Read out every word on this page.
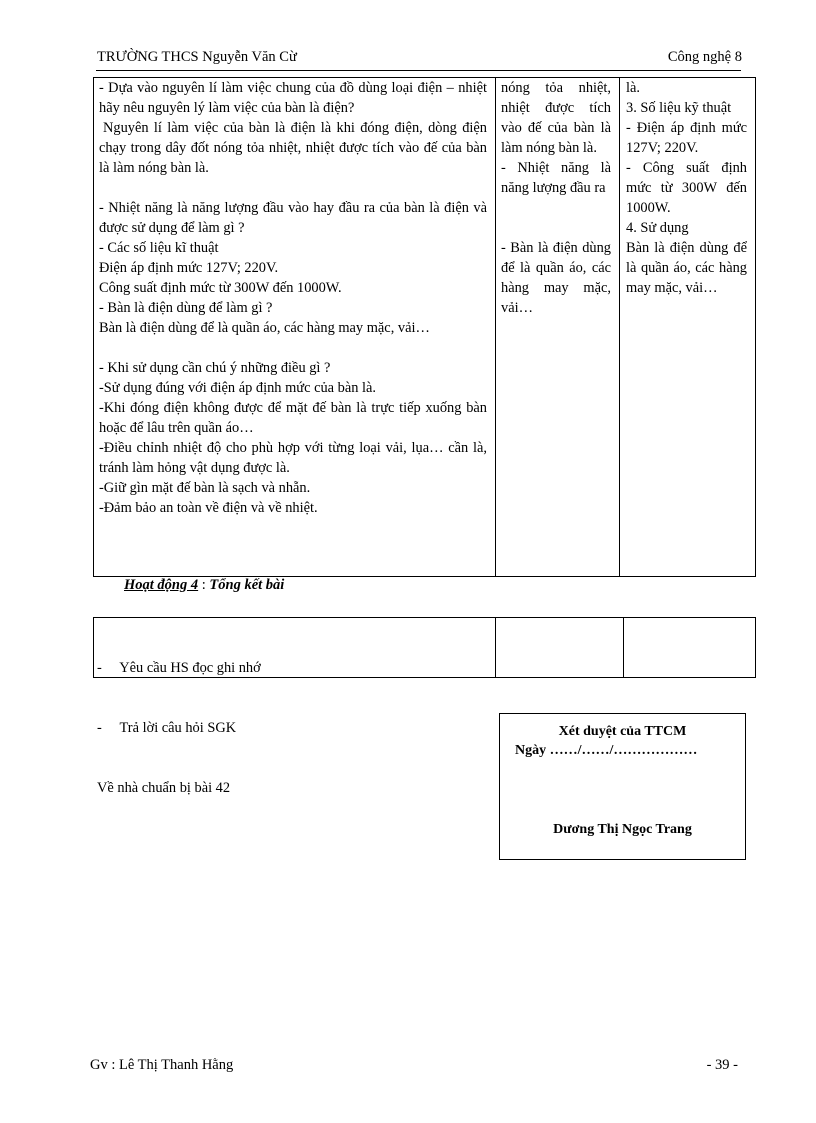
TRƯỜNG THCS Nguyễn Văn Cừ	Công nghệ 8

- Dựa vào nguyên lí làm việc chung của đồ dùng loại điện – nhiệt hãy nêu nguyên lý làm việc của bàn là điện?

Nguyên lí làm việc của bàn là điện là khi đóng điện, dòng điện chạy trong dây đốt nóng tỏa nhiệt, nhiệt được tích vào đế của bàn là làm nóng bàn là.

- Nhiệt năng là năng lượng đầu vào hay đầu ra của bàn là điện và được sử dụng để làm gì ?

- Các số liệu kĩ thuật

Điện áp định mức 127V; 220V.

Công suất định mức từ 300W đến 1000W.

- Bàn là điện dùng để làm gì ?

Bàn là điện dùng để là quần áo, các hàng may mặc, vải…

- Khi sử dụng cần chú ý những điều gì ?

-Sử dụng đúng với điện áp định mức của bàn là.

-Khi đóng điện không được để mặt đế bàn là trực tiếp xuống bàn hoặc để lâu trên quần áo…

-Điều chỉnh nhiệt độ cho phù hợp với từng loại vải, lụa… cần là, tránh làm hỏng vật dụng được là.

-Giữ gìn mặt đế bàn là sạch và nhẵn.

-Đảm bảo an toàn về điện và về nhiệt.

nóng tỏa nhiệt, nhiệt được tích vào đế của bàn là làm nóng bàn là.

- Nhiệt năng là năng lượng đầu ra

- Bàn là điện dùng để là quần áo, các hàng may mặc, vải…

là.

3. Số liệu kỹ thuật

- Điện áp định mức 127V; 220V.

- Công suất định mức từ 300W đến 1000W.

4. Sử dụng

Bàn là điện dùng để là quần áo, các hàng may mặc, vải…

Hoạt động 4 : Tổng kết bài

-     Yêu cầu HS đọc ghi nhớ

-     Trả lời câu hỏi SGK

Về nhà chuẩn bị bài 42

Xét duyệt của TTCM
Ngày ……/……/………………
Dương Thị Ngọc Trang
Gv : Lê Thị Thanh Hằng	- 39 -
